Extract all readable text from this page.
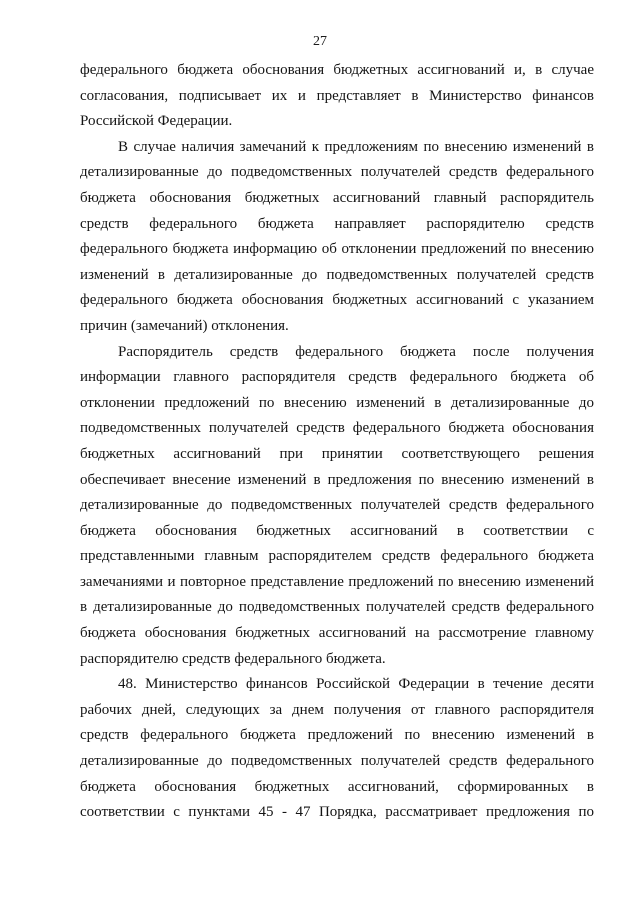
27
федерального бюджета обоснования бюджетных ассигнований и, в случае
согласования, подписывает их и представляет в Министерство финансов
Российской Федерации.
В случае наличия замечаний к предложениям по внесению изменений в
детализированные до подведомственных получателей средств федерального
бюджета обоснования бюджетных ассигнований главный распорядитель
средств федерального бюджета направляет распорядителю средств
федерального бюджета информацию об отклонении предложений по внесению
изменений в детализированные до подведомственных получателей средств
федерального бюджета обоснования бюджетных ассигнований с указанием
причин (замечаний) отклонения.
Распорядитель средств федерального бюджета после получения
информации главного распорядителя средств федерального бюджета об
отклонении предложений по внесению изменений в детализированные до
подведомственных получателей средств федерального бюджета обоснования
бюджетных ассигнований при принятии соответствующего решения
обеспечивает внесение изменений в предложения по внесению изменений в
детализированные до подведомственных получателей средств федерального
бюджета обоснования бюджетных ассигнований в соответствии с
представленными главным распорядителем средств федерального бюджета
замечаниями и повторное представление предложений по внесению изменений
в детализированные до подведомственных получателей средств федерального
бюджета обоснования бюджетных ассигнований на рассмотрение главному
распорядителю средств федерального бюджета.
48. Министерство финансов Российской Федерации в течение десяти
рабочих дней, следующих за днем получения от главного распорядителя
средств федерального бюджета предложений по внесению изменений в
детализированные до подведомственных получателей средств федерального
бюджета обоснования бюджетных ассигнований, сформированных в
соответствии с пунктами 45 - 47 Порядка, рассматривает предложения по
